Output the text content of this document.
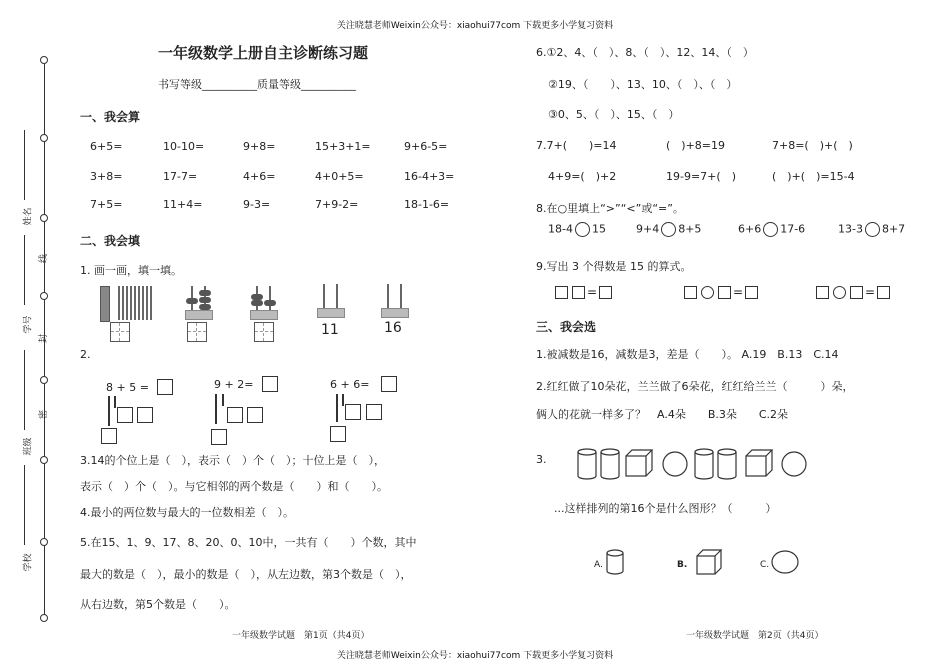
关注晓慧老师Weixin公众号：xiaohui77com 下载更多小学复习资料
关注晓慧老师Weixin公众号：xiaohui77com 下载更多小学复习资料
线
封
密
姓名
学号
班级
学校
一年级数学上册自主诊断练习题
书写等级__________质量等级__________
一、我会算
6+5=	10-10=	9+8=	15+3+1=	9+6-5=
3+8=	17-7=	4+6=	4+0+5=	16-4+3=
7+5=	11+4=	9-3=	7+9-2=	18-1-6=
二、我会填
1. 画一画，填一填。
11	16
2.
8 + 5 =	9 + 2=	6 + 6=
3.14的个位上是（　），表示（　）个（　）；十位上是（　），
表示（　）个（　）。与它相邻的两个数是（　　）和（　　）。
4.最小的两位数与最大的一位数相差（　）。
5.在15、1、9、17、8、20、0、10中，一共有（　　）个数，其中
最大的数是（　），最小的数是（　），从左边数，第3个数是（　），
从右边数，第5个数是（　　）。
一年级数学试题　第1页（共4页）
6.①2、4、（　）、8、（　）、12、14、（　）
②19、（　　）、13、10、（　）、（　）
③0、5、（　）、15、（　）
7.7+(　　)=14	(　)+8=19	7+8=(　)+(　)
4+9=(　)+2	19-9=7+(　)	(　)+(　)=15-4
8.在○里填上“>”“<”或“=”。
18-4 15	9+4 8+5	6+6 17-6	13-3 8+7
9.写出 3 个得数是 15 的算式。
=	=	=
三、我会选
1.被减数是16，减数是3，差是（　　）。 A.19　B.13　C.14
2.红红做了10朵花，兰兰做了6朵花，红红给兰兰（　　　）朵，
俩人的花就一样多了？　A.4朵　　B.3朵　　C.2朵
3.
...这样排列的第16个是什么图形？（　　　）
A.	B.	C.
一年级数学试题　第2页（共4页）
